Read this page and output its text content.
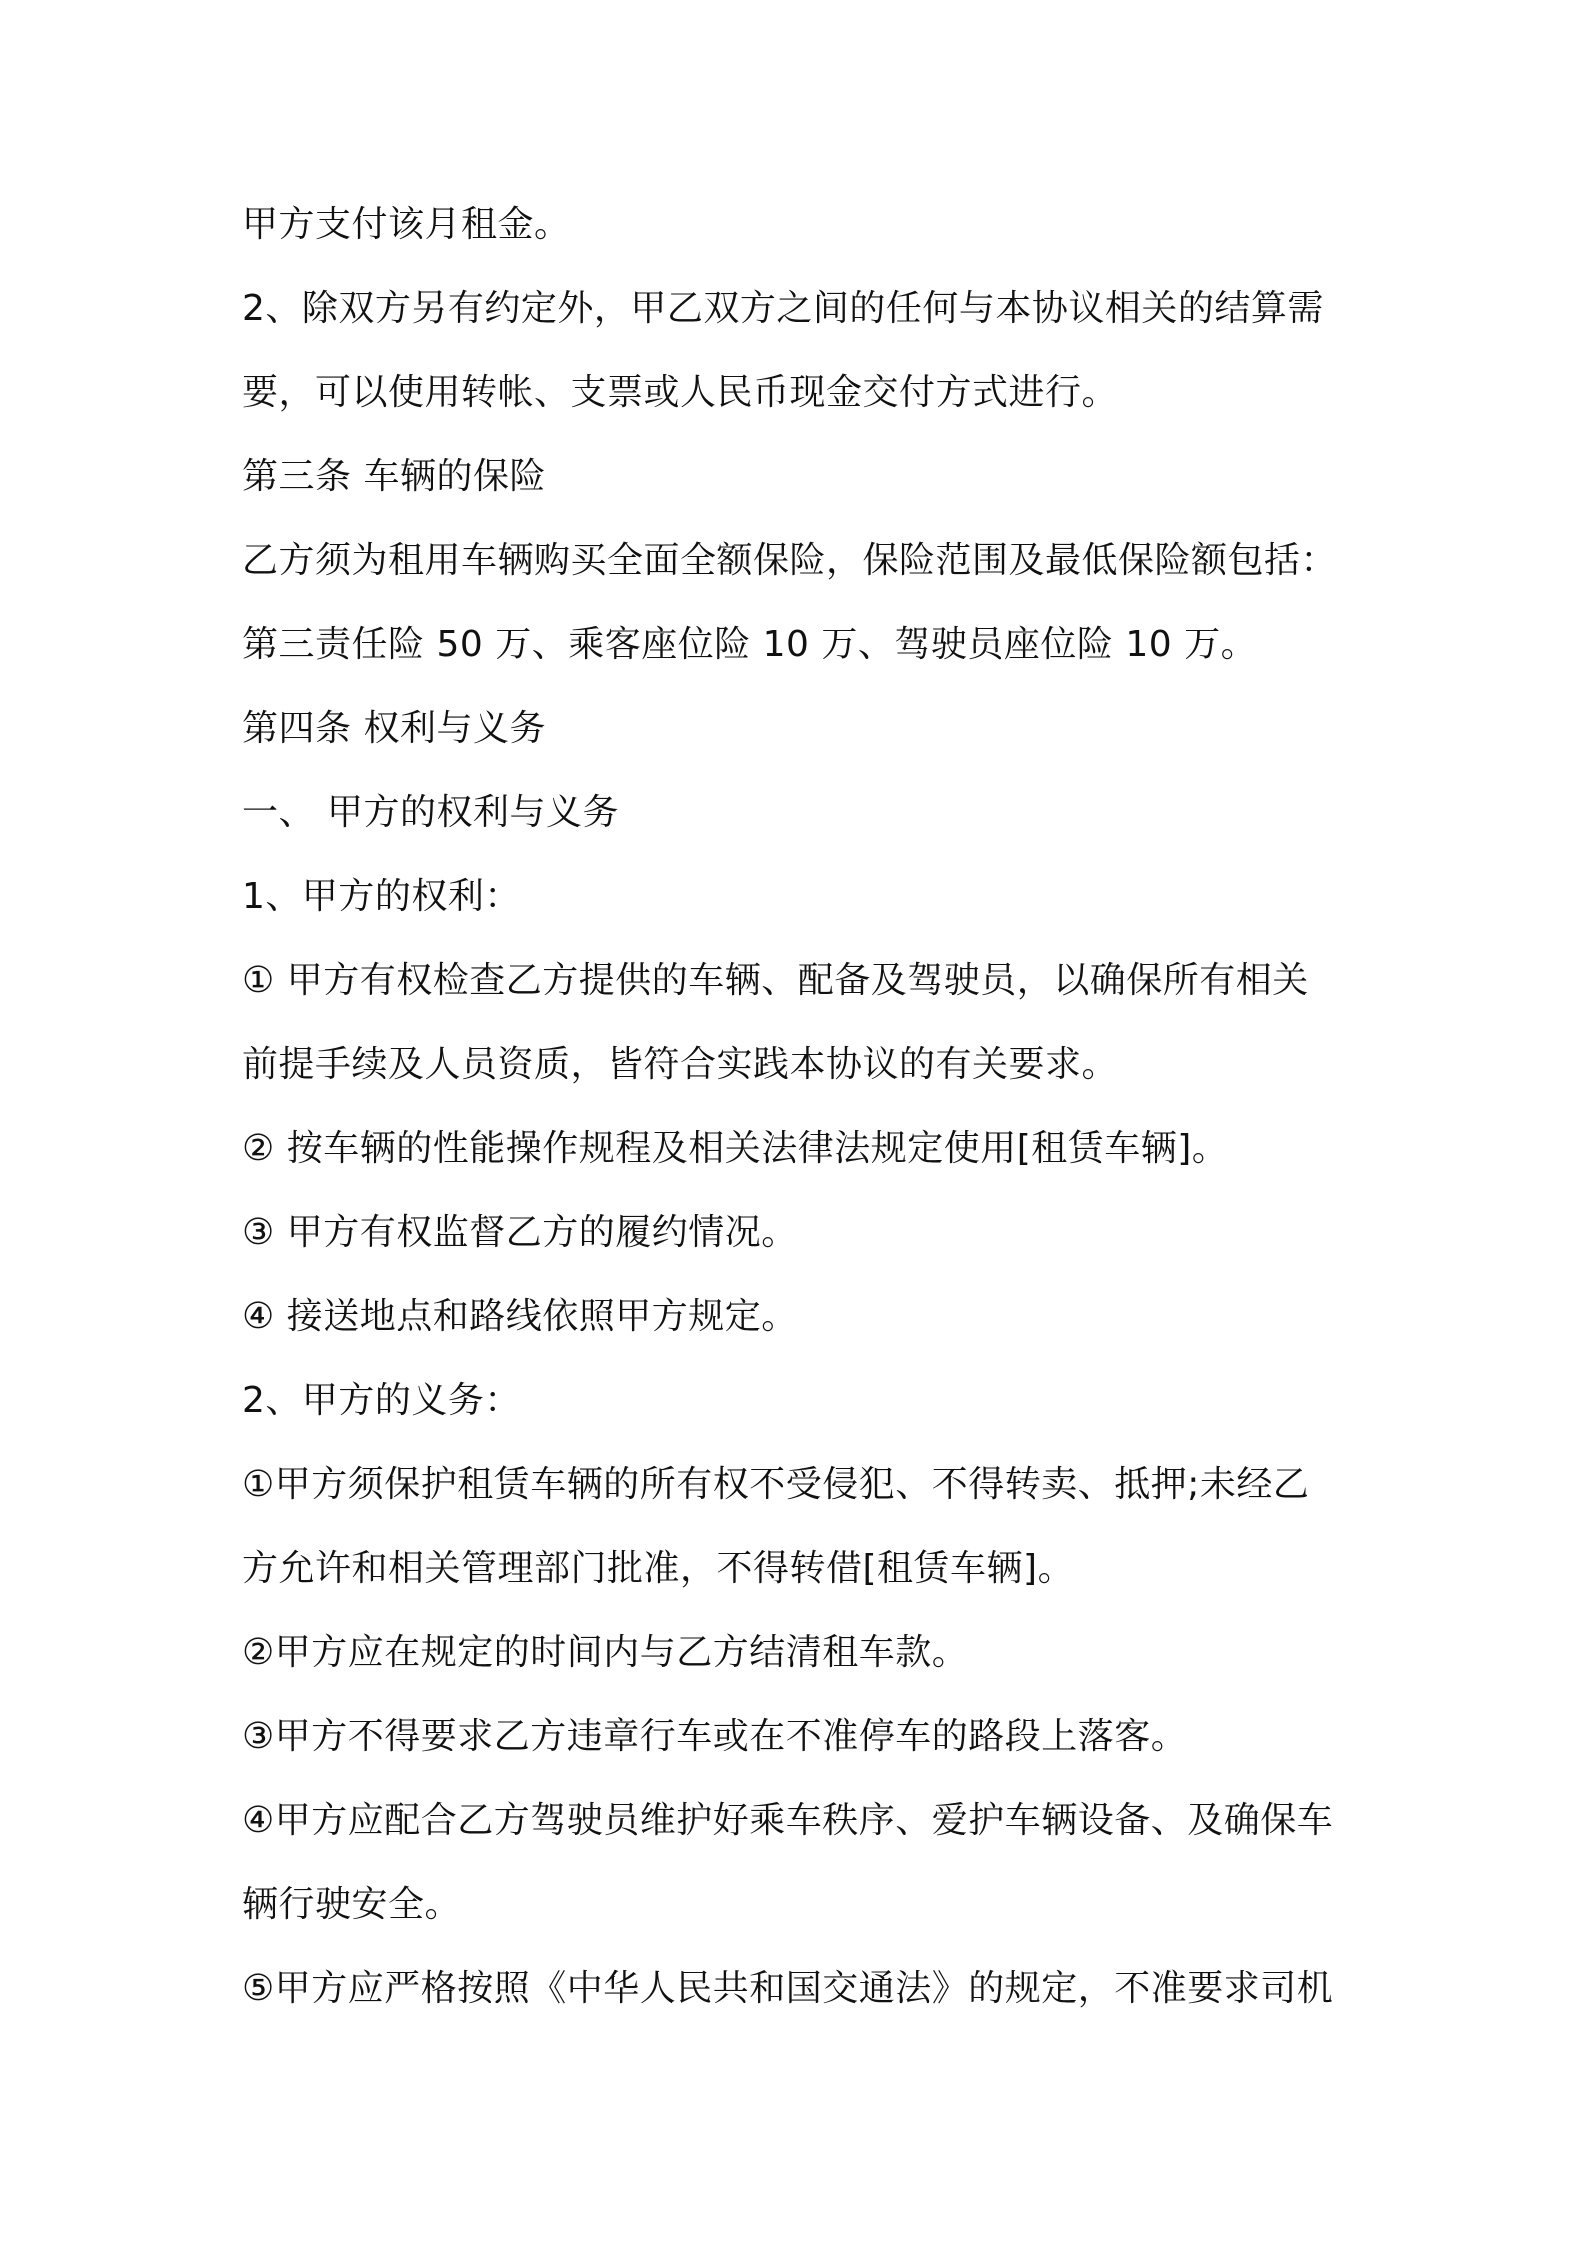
甲方支付该月租金。
2、除双方另有约定外，甲乙双方之间的任何与本协议相关的结算需
要，可以使用转帐、支票或人民币现金交付方式进行。
第三条 车辆的保险
乙方须为租用车辆购买全面全额保险，保险范围及最低保险额包括：
第三责任险 50 万、乘客座位险 10 万、驾驶员座位险 10 万。
第四条 权利与义务
一、 甲方的权利与义务
1、甲方的权利：
① 甲方有权检查乙方提供的车辆、配备及驾驶员，以确保所有相关
前提手续及人员资质，皆符合实践本协议的有关要求。
② 按车辆的性能操作规程及相关法律法规定使用[租赁车辆]。
③ 甲方有权监督乙方的履约情况。
④ 接送地点和路线依照甲方规定。
2、甲方的义务：
①甲方须保护租赁车辆的所有权不受侵犯、不得转卖、抵押;未经乙
方允许和相关管理部门批准，不得转借[租赁车辆]。
②甲方应在规定的时间内与乙方结清租车款。
③甲方不得要求乙方违章行车或在不准停车的路段上落客。
④甲方应配合乙方驾驶员维护好乘车秩序、爱护车辆设备、及确保车
辆行驶安全。
⑤甲方应严格按照《中华人民共和国交通法》的规定，不准要求司机
